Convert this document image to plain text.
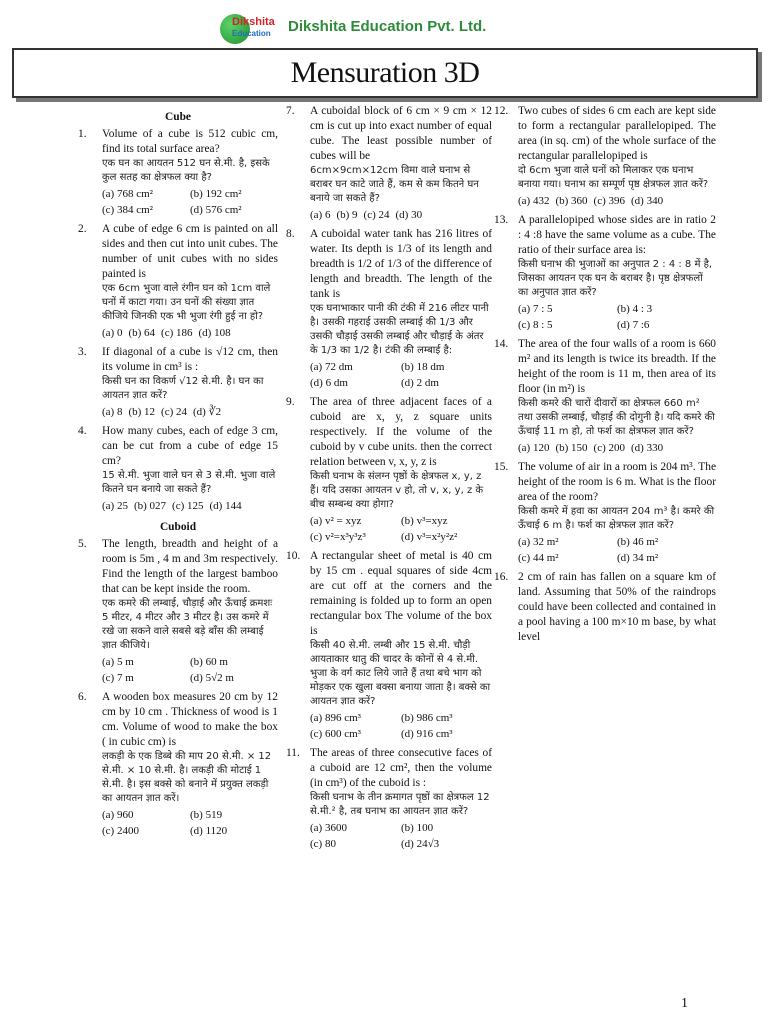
Dikshita
Education Dikshita Education Pvt. Ltd.
Mensuration 3D
Cube
1.	Volume of a cube is 512 cubic cm, find its total surface area?
एक घन का आयतन 512 घन से.मी. है, इसके कुल सतह का क्षेत्रफल क्या है?
(a) 768 cm²	(b) 192 cm²
(c) 384 cm²	(d) 576 cm²
2.	A cube of edge 6 cm is painted on all sides and then cut into unit cubes. The number of unit cubes with no sides painted is
एक 6cm भुजा वाले रंगीन घन को 1cm वाले घनों में काटा गया। उन घनों की संख्या ज्ञात कीजिये जिनकी एक भी भुजा रंगी हुई ना हो?
(a) 0 (b) 64 (c) 186 (d) 108
3.	If diagonal of a cube is √12 cm, then its volume in cm³ is :
किसी घन का विकर्ण √12 से.मी. है। घन का आयतन ज्ञात करें?
(a) 8 (b) 12 (c) 24 (d) ∛2
4.	How many cubes, each of edge 3 cm, can be cut from a cube of edge 15 cm?
15 से.मी. भुजा वाले घन से 3 से.मी. भुजा वाले कितने घन बनाये जा सकते हैं?
(a) 25 (b) 027 (c) 125 (d) 144
Cuboid
5.	The length, breadth and height of a room is 5m , 4 m and 3m respectively. Find the length of the largest bamboo that can be kept inside the room.
एक कमरे की लम्बाई, चौड़ाई और ऊँचाई क्रमशः 5 मीटर, 4 मीटर और 3 मीटर है। उस कमरे में रखे जा सकने वाले सबसे बड़े बाँस की लम्बाई ज्ञात कीजिये।
(a) 5 m	(b) 60 m
(c) 7 m	(d) 5√2 m
6.	A wooden box measures 20 cm by 12 cm by 10 cm . Thickness of wood is 1 cm. Volume of wood to make the box ( in cubic cm) is
लकड़ी के एक डिब्बे की माप 20 से.मी. × 12 से.मी. × 10 से.मी. है। लकड़ी की मोटाई 1 से.मी. है। इस बक्से को बनाने में प्रयुक्त लकड़ी का आयतन ज्ञात करें।
(a) 960	(b) 519
(c) 2400	(d) 1120
7.	A cuboidal block of 6 cm × 9 cm × 12 cm is cut up into exact number of equal cube. The least possible number of cubes will be
6cm×9cm×12cm विमा वाले घनाभ से बराबर घन काटे जाते हैं, कम से कम कितने घन बनाये जा सकते हैं?
(a) 6 (b) 9 (c) 24 (d) 30
8.	A cuboidal water tank has 216 litres of water. Its depth is 1/3 of its length and breadth is 1/2 of 1/3 of the difference of length and breadth. The length of the tank is
एक घनाभाकार पानी की टंकी में 216 लीटर पानी है। उसकी गहराई उसकी लम्बाई की 1/3 और उसकी चौड़ाई उसकी लम्बाई और चौड़ाई के अंतर के 1/3 का 1/2 है। टंकी की लम्बाई है:
(a) 72 dm	(b) 18 dm
(d) 6 dm	(d) 2 dm
9.	The area of three adjacent faces of a cuboid are x, y, z square units respectively. If the volume of the cuboid by v cube units. then the correct relation between v, x, y, z is
किसी घनाभ के संलग्न पृष्ठों के क्षेत्रफल x, y, z हैं। यदि उसका आयतन v हो, तो v, x, y, z के बीच सम्बन्ध क्या होगा?
(a) v² = xyz	(b) v³=xyz
(c) v²=x³y³z³	(d) v³=x²y²z²
10. A rectangular sheet of metal is 40 cm by 15 cm . equal squares of side 4cm are cut off at the corners and the remaining is folded up to form an open rectangular box The volume of the box is
किसी 40 से.मी. लम्बी और 15 से.मी. चौड़ी आयताकार धातु की चादर के कोनों से 4 से.मी. भुजा के वर्ग काट लिये जाते हैं तथा बचे भाग को मोड़कर एक खुला बक्सा बनाया जाता है। बक्से का आयतन ज्ञात करें?
(a) 896 cm³	(b) 986 cm³
(c) 600 cm³	(d) 916 cm³
11. The areas of three consecutive faces of a cuboid are 12 cm², then the volume (in cm³) of the cuboid is :
किसी घनाभ के तीन क्रमागत पृष्ठों का क्षेत्रफल 12 से.मी.² है, तब घनाभ का आयतन ज्ञात करें?
(a) 3600	(b) 100
(c) 80	(d) 24√3
12. Two cubes of sides 6 cm each are kept side to form a rectangular parallelopiped. The area (in sq. cm) of the whole surface of the rectangular parallelopiped is
दो 6cm भुजा वाले घनों को मिलाकर एक घनाभ बनाया गया। घनाभ का सम्पूर्ण पृष्ठ क्षेत्रफल ज्ञात करें?
(a) 432 (b) 360 (c) 396 (d) 340
13. A parallelopiped whose sides are in ratio 2 : 4 :8 have the same volume as a cube. The ratio of their surface area is:
किसी घनाभ की भुजाओं का अनुपात 2 : 4 : 8 में है, जिसका आयतन एक घन के बराबर है। पृष्ठ क्षेत्रफलों का अनुपात ज्ञात करें?
(a) 7 : 5	(b) 4 : 3
(c) 8 : 5	(d) 7 :6
14. The area of the four walls of a room is 660 m² and its length is twice its breadth. If the height of the room is 11 m, then area of its floor (in m²) is
किसी कमरे की चारों दीवारों का क्षेत्रफल 660 m² तथा उसकी लम्बाई, चौड़ाई की दोगुनी है। यदि कमरे की ऊँचाई 11 m हो, तो फर्श का क्षेत्रफल ज्ञात करें?
(a) 120 (b) 150 (c) 200 (d) 330
15. The volume of air in a room is 204 m³. The height of the room is 6 m. What is the floor area of the room?
किसी कमरे में हवा का आयतन 204 m³ है। कमरे की ऊँचाई 6 m है। फर्श का क्षेत्रफल ज्ञात करें?
(a) 32 m²	(b) 46 m²
(c) 44 m²	(d) 34 m²
16. 2 cm of rain has fallen on a square km of land. Assuming that 50% of the raindrops could have been collected and contained in a pool having a 100 m×10 m base, by what level
1
